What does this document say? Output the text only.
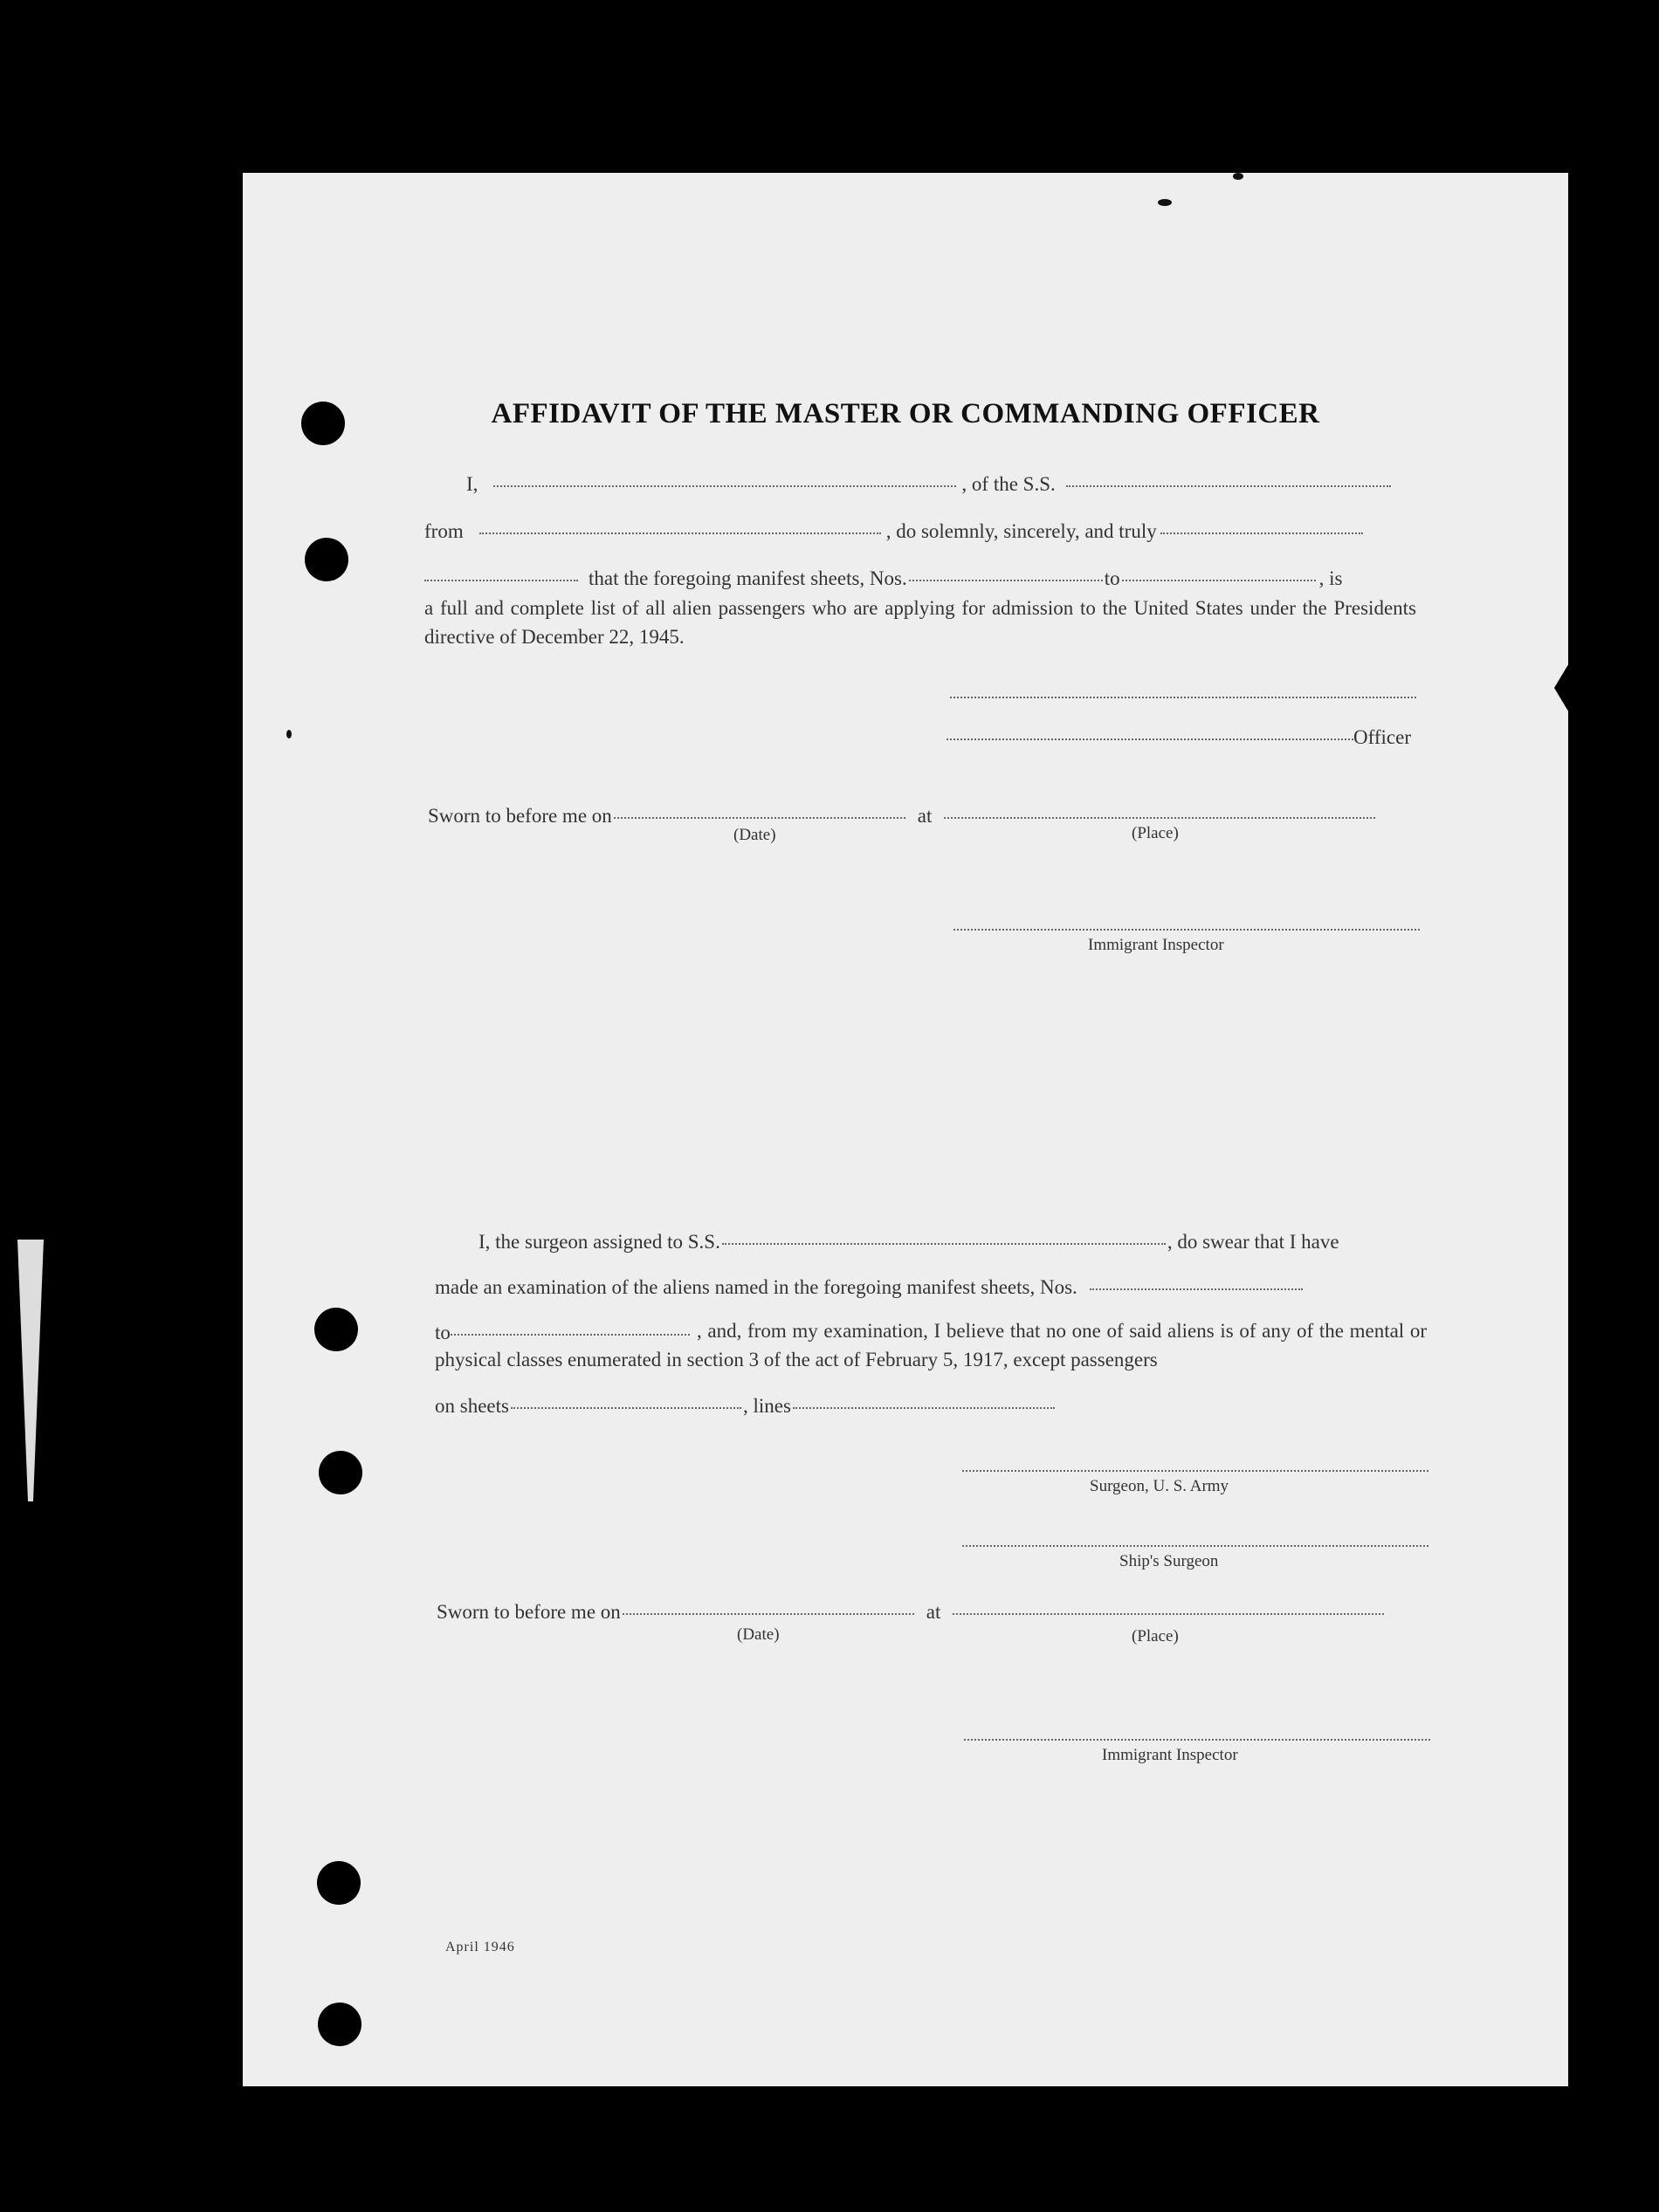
AFFIDAVIT OF THE MASTER OR COMMANDING OFFICER
I,	, of the S.S.
from	, do solemnly, sincerely, and truly
that the foregoing manifest sheets, Nos.	to	, is
a full and complete list of all alien passengers who are applying for admission to the United States under the Presidents directive of December 22, 1945.
Officer
Sworn to before me on	at
(Date)	(Place)
Immigrant Inspector
I, the surgeon assigned to S.S.	, do swear that I have
made an examination of the aliens named in the foregoing manifest sheets, Nos.
to	, and, from my examination, I believe that no one of said aliens is of any of the mental or physical classes enumerated in section 3 of the act of February 5, 1917, except passengers
on sheets	, lines
Surgeon, U. S. Army
Ship's Surgeon
Sworn to before me on	at
(Date)	(Place)
Immigrant Inspector
April 1946
